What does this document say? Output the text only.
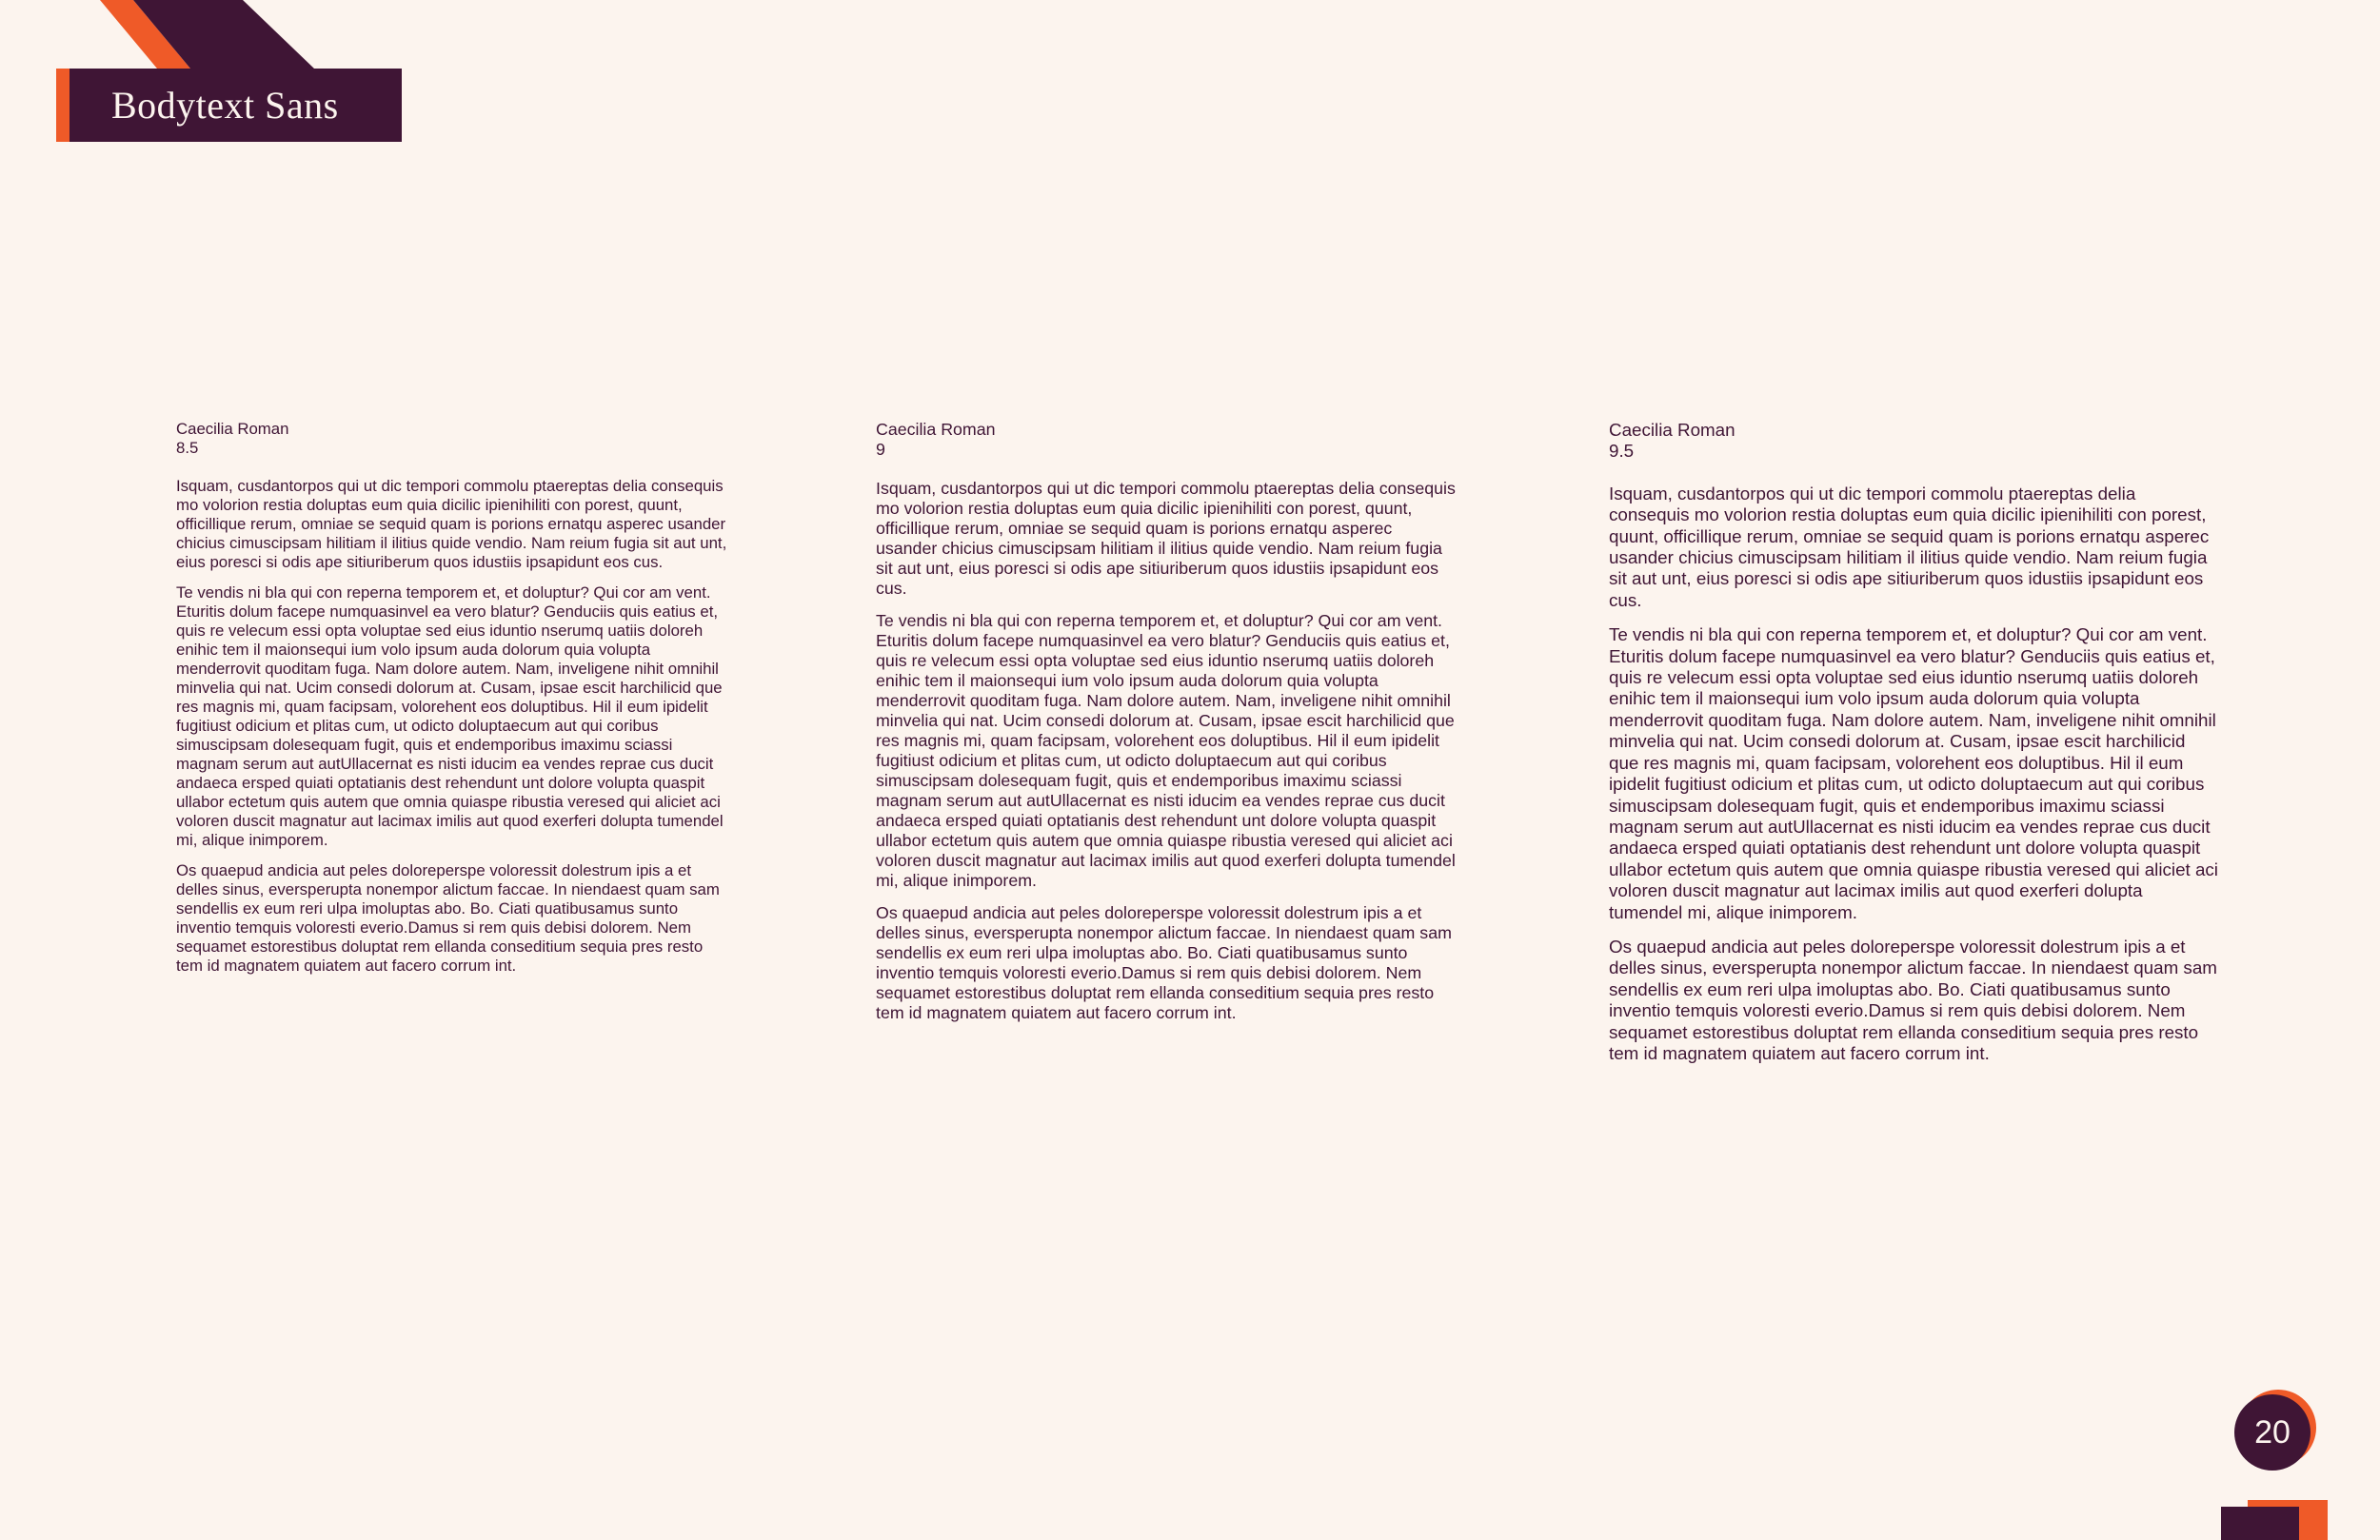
Bodytext Sans

Caecilia Roman

8.5

Isquam, cusdantorpos qui ut dic tempori commolu ptaereptas delia consequis mo volorion restia doluptas eum quia dicilic ipienihiliti con porest, quunt, officillique rerum, omniae se sequid quam is porions ernatqu asperec usander chicius cimuscipsam hilitiam il ilitius quide vendio. Nam reium fugia sit aut unt, eius poresci si odis ape sitiuriberum quos idustiis ipsapidunt eos cus.

Te vendis ni bla qui con reperna temporem et, et doluptur? Qui cor am vent. Eturitis dolum facepe numquasinvel ea vero blatur? Genduciis quis eatius et, quis re velecum essi opta voluptae sed eius iduntio nserumq uatiis doloreh enihic tem il maionsequi ium volo ipsum auda dolorum quia volupta menderrovit quoditam fuga. Nam dolore autem. Nam, inveligene nihit omnihil minvelia qui nat. Ucim consedi dolorum at. Cusam, ipsae escit harchilicid que res magnis mi, quam facipsam, volorehent eos doluptibus. Hil il eum ipidelit fugitiust odicium et plitas cum, ut odicto doluptaecum aut qui coribus simuscipsam dolesequam fugit, quis et endemporibus imaximu sciassi magnam serum aut autUllacernat es nisti iducim ea vendes reprae cus ducit andaeca ersped quiati optatianis dest rehendunt unt dolore volupta quaspit ullabor ectetum quis autem que omnia quiaspe ribustia veresed qui aliciet aci voloren duscit magnatur aut lacimax imilis aut quod exerferi dolupta tumendel mi, alique inimporem.

Os quaepud andicia aut peles doloreperspe voloressit dolestrum ipis a et delles sinus, eversperupta nonempor alictum faccae. In niendaest quam sam sendellis ex eum reri ulpa imoluptas abo. Bo. Ciati quatibusamus sunto inventio temquis voloresti everio.Damus si rem quis debisi dolorem. Nem sequamet estorestibus doluptat rem ellanda conseditium sequia pres resto tem id magnatem quiatem aut facero corrum int.

Caecilia Roman

9

Isquam, cusdantorpos qui ut dic tempori commolu ptaereptas delia consequis mo volorion restia doluptas eum quia dicilic ipienihiliti con porest, quunt, officillique rerum, omniae se sequid quam is porions ernatqu asperec usander chicius cimuscipsam hilitiam il ilitius quide vendio. Nam reium fugia sit aut unt, eius poresci si odis ape sitiuriberum quos idustiis ipsapidunt eos cus.

Te vendis ni bla qui con reperna temporem et, et doluptur? Qui cor am vent. Eturitis dolum facepe numquasinvel ea vero blatur? Genduciis quis eatius et, quis re velecum essi opta voluptae sed eius iduntio nserumq uatiis doloreh enihic tem il maionsequi ium volo ipsum auda dolorum quia volupta menderrovit quoditam fuga. Nam dolore autem. Nam, inveligene nihit omnihil minvelia qui nat. Ucim consedi dolorum at. Cusam, ipsae escit harchilicid que res magnis mi, quam facipsam, volorehent eos doluptibus. Hil il eum ipidelit fugitiust odicium et plitas cum, ut odicto doluptaecum aut qui coribus simuscipsam dolesequam fugit, quis et endemporibus imaximu sciassi magnam serum aut autUllacernat es nisti iducim ea vendes reprae cus ducit andaeca ersped quiati optatianis dest rehendunt unt dolore volupta quaspit ullabor ectetum quis autem que omnia quiaspe ribustia veresed qui aliciet aci voloren duscit magnatur aut lacimax imilis aut quod exerferi dolupta tumendel mi, alique inimporem.

Os quaepud andicia aut peles doloreperspe voloressit dolestrum ipis a et delles sinus, eversperupta nonempor alictum faccae. In niendaest quam sam sendellis ex eum reri ulpa imoluptas abo. Bo. Ciati quatibusamus sunto inventio temquis voloresti everio.Damus si rem quis debisi dolorem. Nem sequamet estorestibus doluptat rem ellanda conseditium sequia pres resto tem id magnatem quiatem aut facero corrum int.

Caecilia Roman

9.5

Isquam, cusdantorpos qui ut dic tempori commolu ptaereptas delia consequis mo volorion restia doluptas eum quia dicilic ipienihiliti con porest, quunt, officillique rerum, omniae se sequid quam is porions ernatqu asperec usander chicius cimuscipsam hilitiam il ilitius quide vendio. Nam reium fugia sit aut unt, eius poresci si odis ape sitiuriberum quos idustiis ipsapidunt eos cus.

Te vendis ni bla qui con reperna temporem et, et doluptur? Qui cor am vent. Eturitis dolum facepe numquasinvel ea vero blatur? Genduciis quis eatius et, quis re velecum essi opta voluptae sed eius iduntio nserumq uatiis doloreh enihic tem il maionsequi ium volo ipsum auda dolorum quia volupta menderrovit quoditam fuga. Nam dolore autem. Nam, inveligene nihit omnihil minvelia qui nat. Ucim consedi dolorum at. Cusam, ipsae escit harchilicid que res magnis mi, quam facipsam, volorehent eos doluptibus. Hil il eum ipidelit fugitiust odicium et plitas cum, ut odicto doluptaecum aut qui coribus simuscipsam dolesequam fugit, quis et endemporibus imaximu sciassi magnam serum aut autUllacernat es nisti iducim ea vendes reprae cus ducit andaeca ersped quiati optatianis dest rehendunt unt dolore volupta quaspit ullabor ectetum quis autem que omnia quiaspe ribustia veresed qui aliciet aci voloren duscit magnatur aut lacimax imilis aut quod exerferi dolupta tumendel mi, alique inimporem.

Os quaepud andicia aut peles doloreperspe voloressit dolestrum ipis a et delles sinus, eversperupta nonempor alictum faccae. In niendaest quam sam sendellis ex eum reri ulpa imoluptas abo. Bo. Ciati quatibusamus sunto inventio temquis voloresti everio.Damus si rem quis debisi dolorem. Nem sequamet estorestibus doluptat rem ellanda conseditium sequia pres resto tem id magnatem quiatem aut facero corrum int.

20
